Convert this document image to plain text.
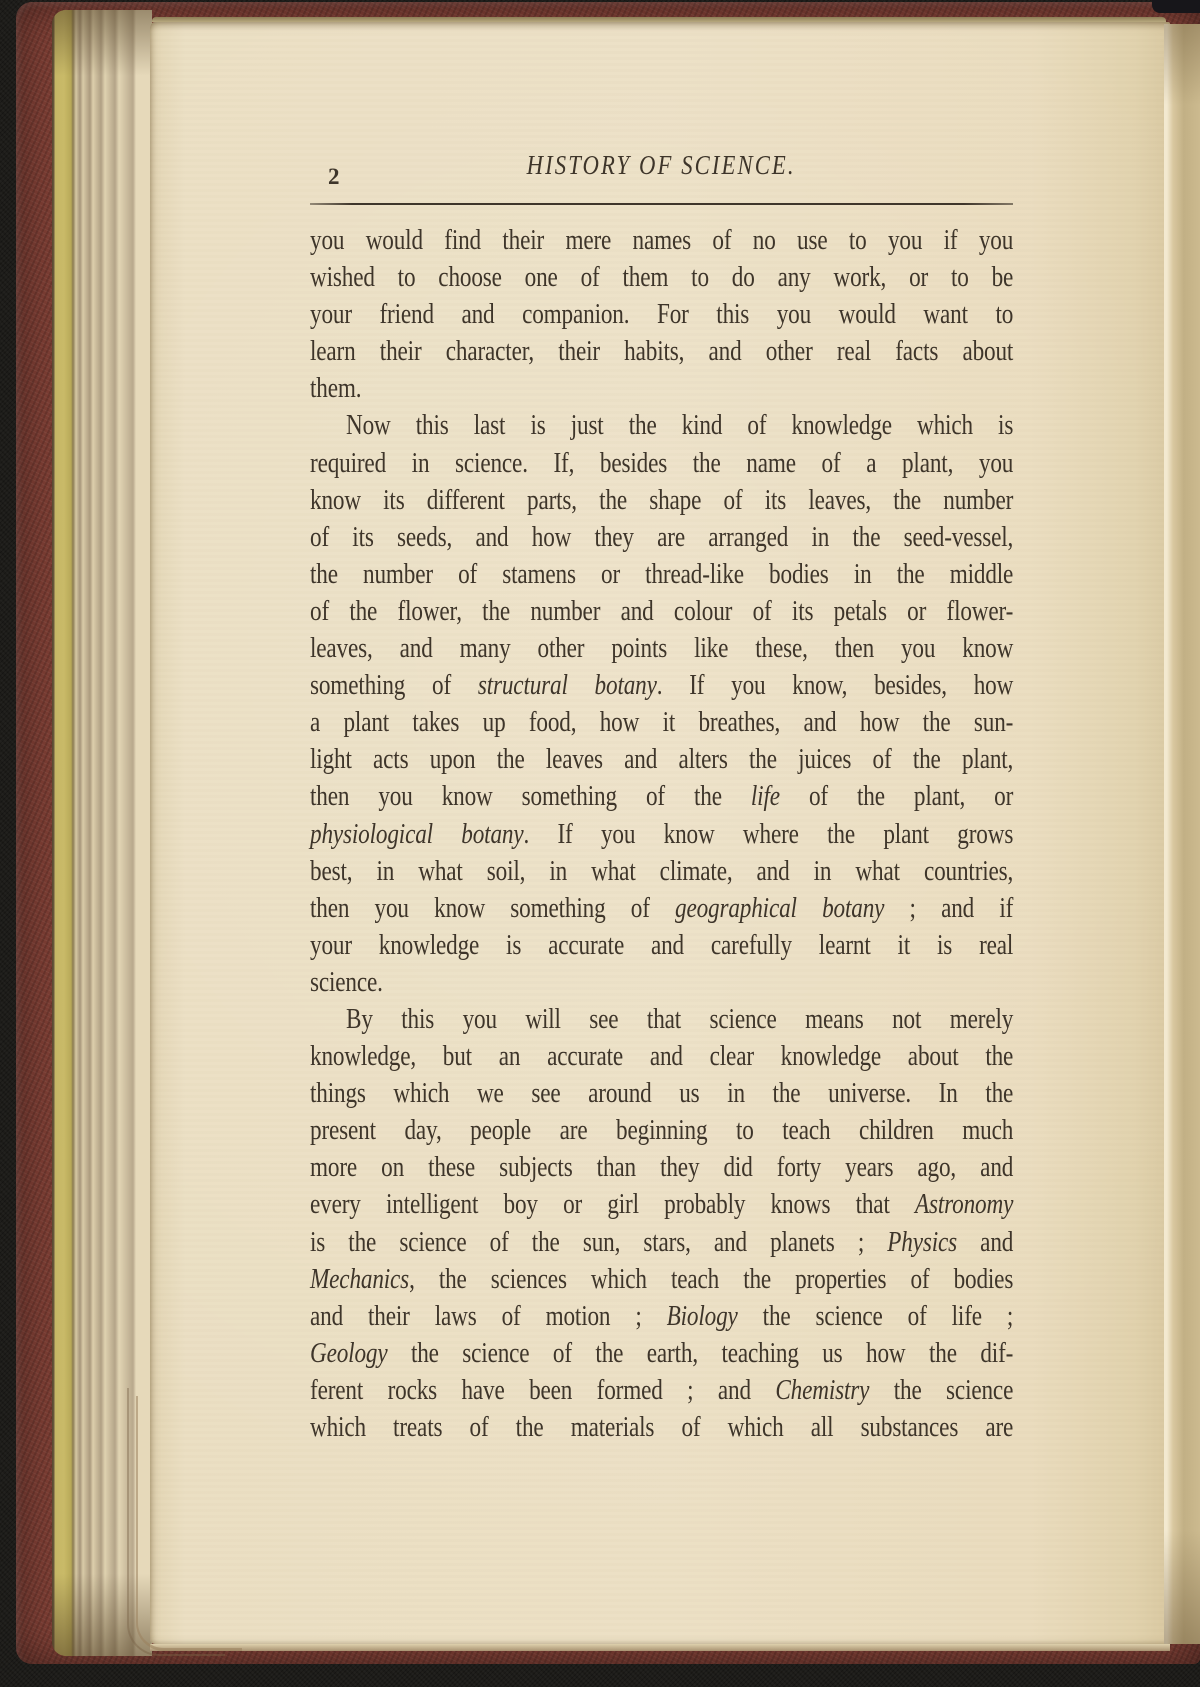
2	HISTORY OF SCIENCE.
you would find their mere names of no use to you if you
wished to choose one of them to do any work, or to be
your friend and companion. For this you would want to
learn their character, their habits, and other real facts about
them.
Now this last is just the kind of knowledge which is
required in science. If, besides the name of a plant, you
know its different parts, the shape of its leaves, the number
of its seeds, and how they are arranged in the seed-vessel,
the number of stamens or thread-like bodies in the middle
of the flower, the number and colour of its petals or flower-
leaves, and many other points like these, then you know
something of structural botany. If you know, besides, how
a plant takes up food, how it breathes, and how the sun-
light acts upon the leaves and alters the juices of the plant,
then you know something of the life of the plant, or
physiological botany. If you know where the plant grows
best, in what soil, in what climate, and in what countries,
then you know something of geographical botany ; and if
your knowledge is accurate and carefully learnt it is real
science.
By this you will see that science means not merely
knowledge, but an accurate and clear knowledge about the
things which we see around us in the universe. In the
present day, people are beginning to teach children much
more on these subjects than they did forty years ago, and
every intelligent boy or girl probably knows that Astronomy
is the science of the sun, stars, and planets ; Physics and
Mechanics, the sciences which teach the properties of bodies
and their laws of motion ; Biology the science of life ;
Geology the science of the earth, teaching us how the dif-
ferent rocks have been formed ; and Chemistry the science
which treats of the materials of which all substances are
